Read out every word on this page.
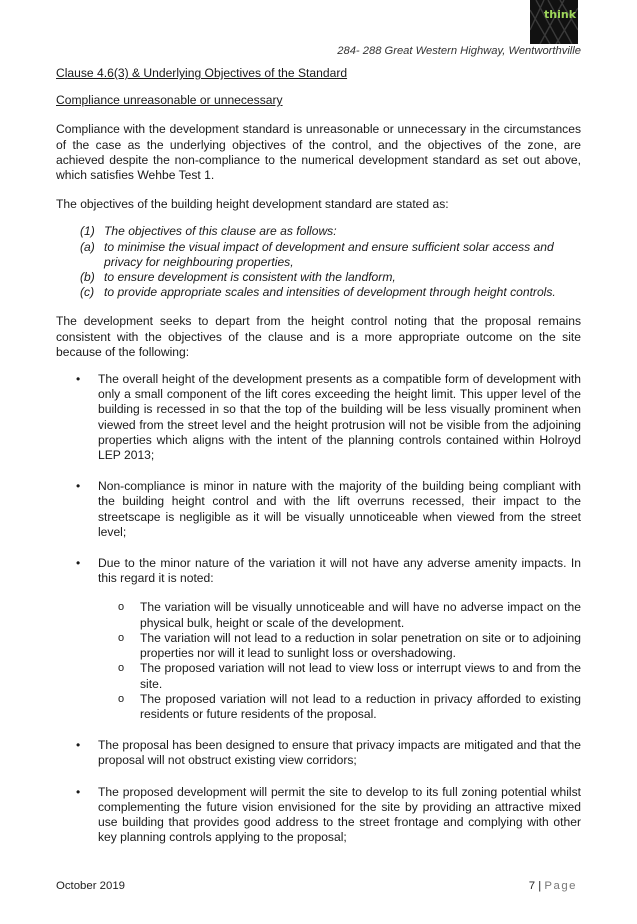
think
284- 288 Great Western Highway, Wentworthville
Clause 4.6(3) & Underlying Objectives of the Standard
Compliance unreasonable or unnecessary

Compliance with the development standard is unreasonable or unnecessary in the circumstances of the case as the underlying objectives of the control, and the objectives of the zone, are achieved despite the non-compliance to the numerical development standard as set out above, which satisfies Wehbe Test 1.

The objectives of the building height development standard are stated as:

(1) The objectives of this clause are as follows:
(a) to minimise the visual impact of development and ensure sufficient solar access and privacy for neighbouring properties,
(b) to ensure development is consistent with the landform,
(c) to provide appropriate scales and intensities of development through height controls.

The development seeks to depart from the height control noting that the proposal remains consistent with the objectives of the clause and is a more appropriate outcome on the site because of the following:

•	The overall height of the development presents as a compatible form of development with only a small component of the lift cores exceeding the height limit. This upper level of the building is recessed in so that the top of the building will be less visually prominent when viewed from the street level and the height protrusion will not be visible from the adjoining properties which aligns with the intent of the planning controls contained within Holroyd LEP 2013;
•	Non-compliance is minor in nature with the majority of the building being compliant with the building height control and with the lift overruns recessed, their impact to the streetscape is negligible as it will be visually unnoticeable when viewed from the street level;
•	Due to the minor nature of the variation it will not have any adverse amenity impacts. In this regard it is noted:
o	The variation will be visually unnoticeable and will have no adverse impact on the physical bulk, height or scale of the development.
o	The variation will not lead to a reduction in solar penetration on site or to adjoining properties nor will it lead to sunlight loss or overshadowing.
o	The proposed variation will not lead to view loss or interrupt views to and from the site.
o	The proposed variation will not lead to a reduction in privacy afforded to existing residents or future residents of the proposal.
•	The proposal has been designed to ensure that privacy impacts are mitigated and that the proposal will not obstruct existing view corridors;
•	The proposed development will permit the site to develop to its full zoning potential whilst complementing the future vision envisioned for the site by providing an attractive mixed use building that provides good address to the street frontage and complying with other key planning controls applying to the proposal;
October 2019	7 | Page
